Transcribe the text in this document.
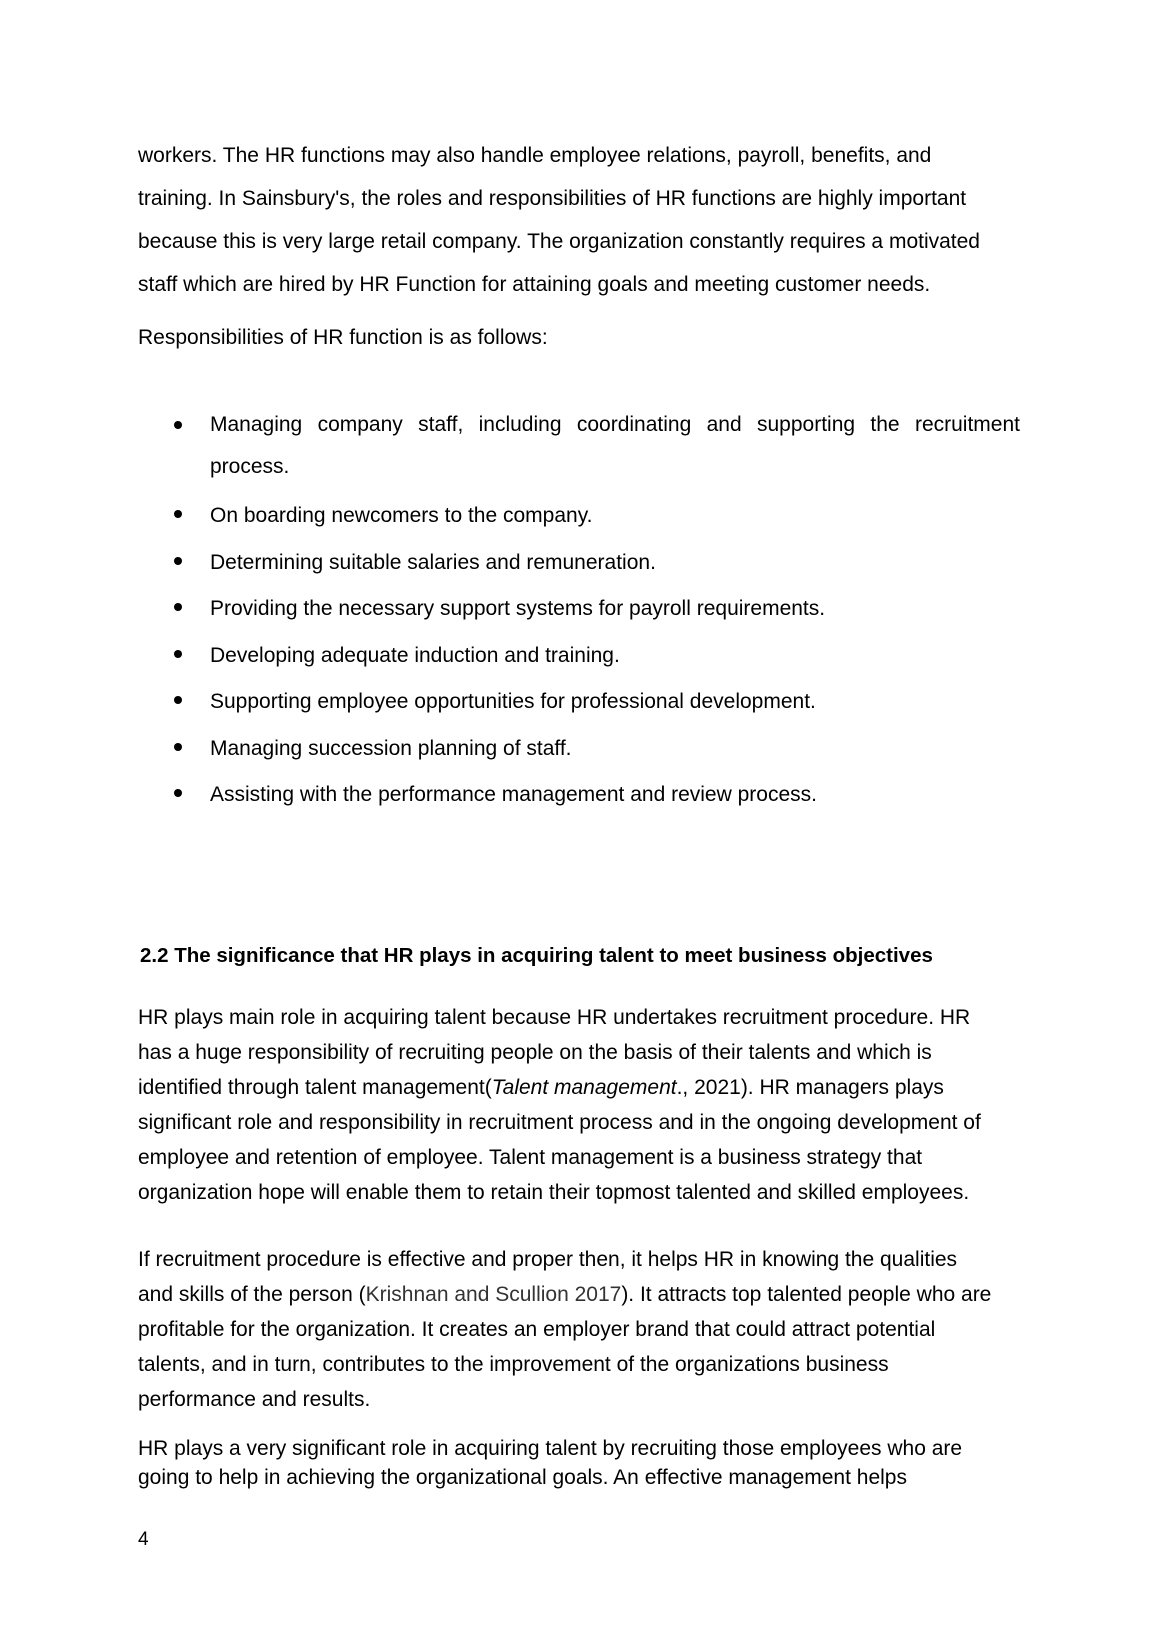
workers. The HR functions may also handle employee relations, payroll, benefits, and
training. In Sainsbury's, the roles and responsibilities of HR functions are highly important
because this is very large retail company. The organization constantly requires a motivated
staff which are hired by HR Function for attaining goals and meeting customer needs.
Responsibilities of HR function is as follows:
Managing company staff, including coordinating and supporting the recruitment
process.
On boarding newcomers to the company.
Determining suitable salaries and remuneration.
Providing the necessary support systems for payroll requirements.
Developing adequate induction and training.
Supporting employee opportunities for professional development.
Managing succession planning of staff.
Assisting with the performance management and review process.
2.2 The significance that HR plays in acquiring talent to meet business objectives
HR plays main role in acquiring talent because HR undertakes recruitment procedure. HR
has a huge responsibility of recruiting people on the basis of their talents and which is
identified through talent management(Talent management., 2021). HR managers plays
significant role and responsibility in recruitment process and in the ongoing development of
employee and retention of employee. Talent management is a business strategy that
organization hope will enable them to retain their topmost talented and skilled employees.
If recruitment procedure is effective and proper then, it helps HR in knowing the qualities
and skills of the person (Krishnan and Scullion 2017). It attracts top talented people who are
profitable for the organization. It creates an employer brand that could attract potential
talents, and in turn, contributes to the improvement of the organizations business
performance and results.
HR plays a very significant role in acquiring talent by recruiting those employees who are
going to help in achieving the organizational goals. An effective management helps
4
